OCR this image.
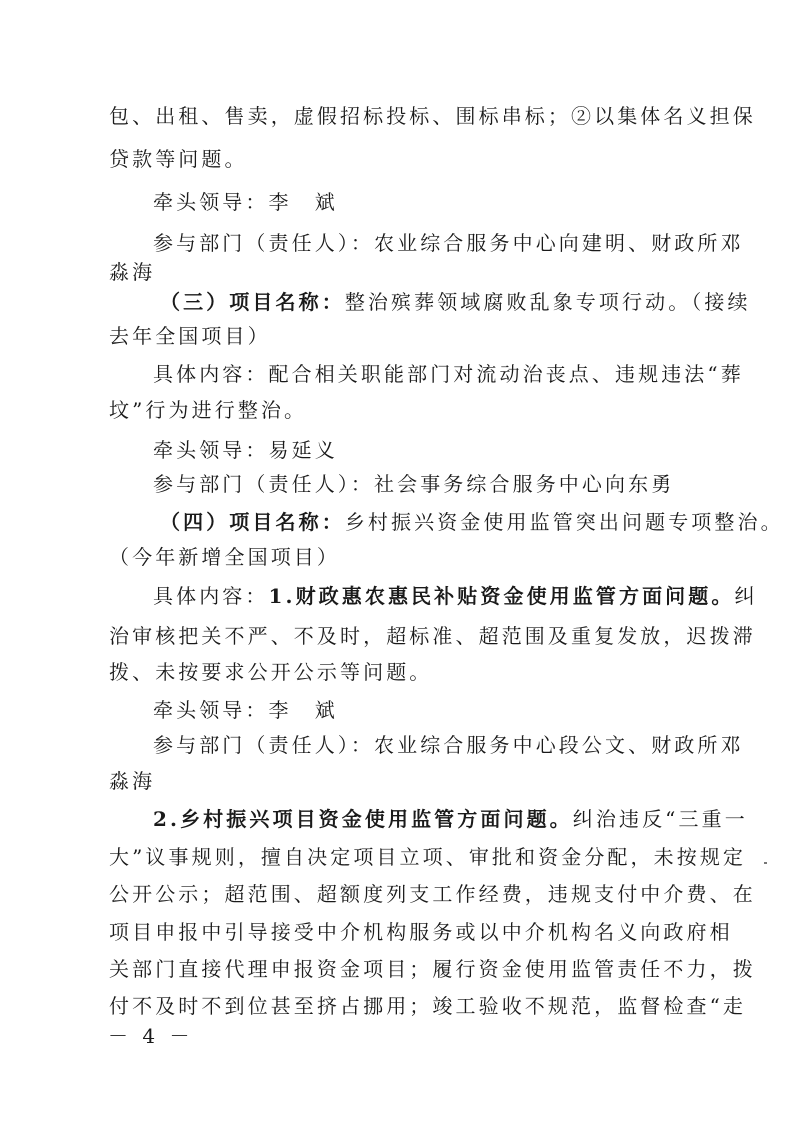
包、出租、售卖，虚假招标投标、围标串标；②以集体名义担保
贷款等问题。
牵头领导：李　斌
参与部门（责任人）：农业综合服务中心向建明、财政所邓
淼海
（三）项目名称：整治殡葬领域腐败乱象专项行动。（接续
去年全国项目）
具体内容：配合相关职能部门对流动治丧点、违规违法“葬
坟”行为进行整治。
牵头领导：易延义
参与部门（责任人）：社会事务综合服务中心向东勇
（四）项目名称：乡村振兴资金使用监管突出问题专项整治。
（今年新增全国项目）
具体内容：1.财政惠农惠民补贴资金使用监管方面问题。纠
治审核把关不严、不及时，超标准、超范围及重复发放，迟拨滞
拨、未按要求公开公示等问题。
牵头领导：李　斌
参与部门（责任人）：农业综合服务中心段公文、财政所邓
淼海
2.乡村振兴项目资金使用监管方面问题。纠治违反“三重一
大”议事规则，擅自决定项目立项、审批和资金分配，未按规定
公开公示；超范围、超额度列支工作经费，违规支付中介费、在
项目申报中引导接受中介机构服务或以中介机构名义向政府相
关部门直接代理申报资金项目；履行资金使用监管责任不力，拨
付不及时不到位甚至挤占挪用；竣工验收不规范，监督检查“走
－ 4 －
